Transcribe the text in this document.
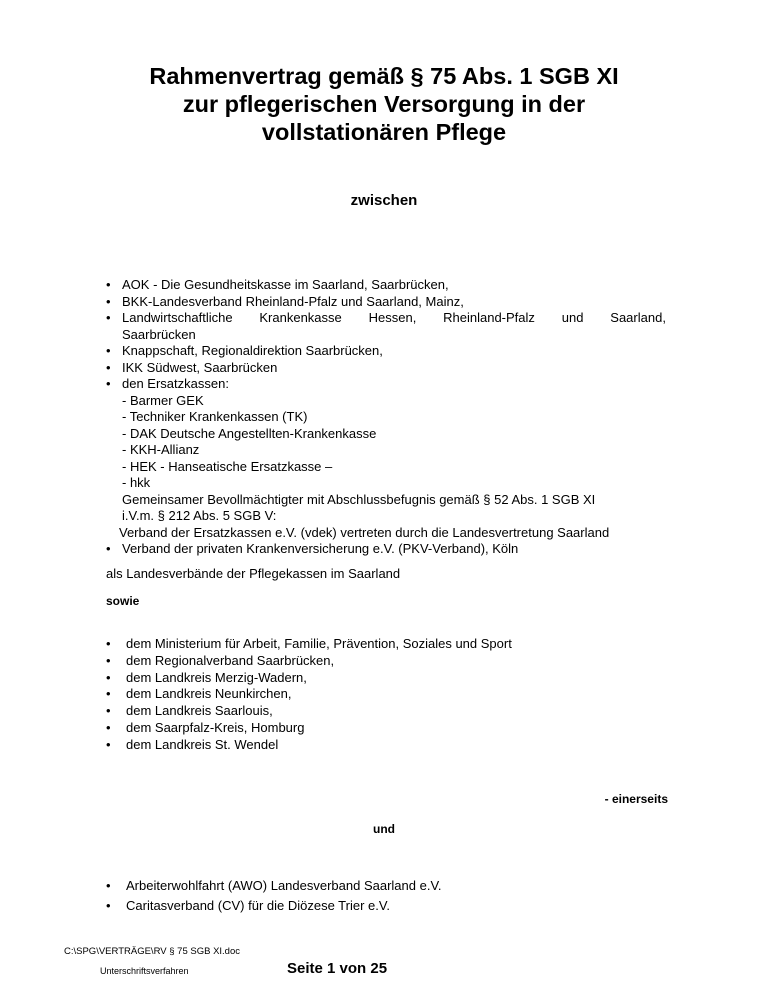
Rahmenvertrag gemäß § 75 Abs. 1 SGB XI
zur pflegerischen Versorgung in der
vollstationären Pflege

zwischen

• AOK - Die Gesundheitskasse im Saarland, Saarbrücken,
• BKK-Landesverband Rheinland-Pfalz und Saarland, Mainz,
• Landwirtschaftliche Krankenkasse Hessen, Rheinland-Pfalz und Saarland,
Saarbrücken
• Knappschaft, Regionaldirektion Saarbrücken,
• IKK Südwest, Saarbrücken
• den Ersatzkassen:
- Barmer GEK
- Techniker Krankenkassen (TK)
- DAK Deutsche Angestellten-Krankenkasse
- KKH-Allianz
- HEK - Hanseatische Ersatzkasse –
- hkk
Gemeinsamer Bevollmächtigter mit Abschlussbefugnis gemäß § 52 Abs. 1 SGB XI
i.V.m. § 212 Abs. 5 SGB V:
Verband der Ersatzkassen e.V. (vdek) vertreten durch die Landesvertretung Saarland
• Verband der privaten Krankenversicherung e.V. (PKV-Verband), Köln

als Landesverbände der Pflegekassen im Saarland

sowie

• dem Ministerium für Arbeit, Familie, Prävention, Soziales und Sport
• dem Regionalverband Saarbrücken,
• dem Landkreis Merzig-Wadern,
• dem Landkreis Neunkirchen,
• dem Landkreis Saarlouis,
• dem Saarpfalz-Kreis, Homburg
• dem Landkreis St. Wendel

- einerseits

und

• Arbeiterwohlfahrt (AWO) Landesverband Saarland e.V.
• Caritasverband (CV) für die Diözese Trier e.V.

C:\SPG\VERTRÄGE\RV § 75 SGB XI.doc

Unterschriftsverfahren	Seite 1 von 25
